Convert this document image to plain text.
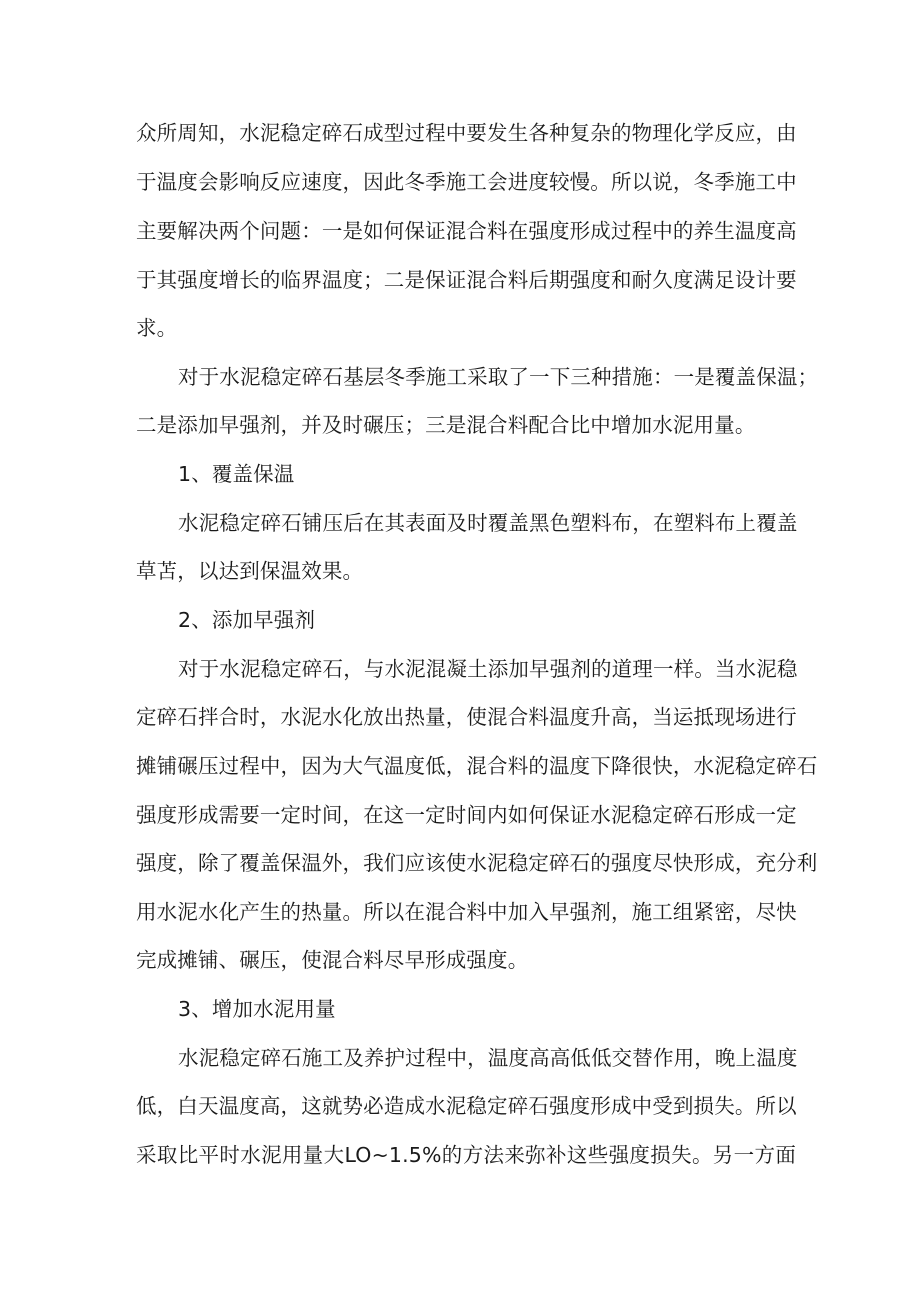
众所周知，水泥稳定碎石成型过程中要发生各种复杂的物理化学反应，由
于温度会影响反应速度，因此冬季施工会进度较慢。所以说，冬季施工中
主要解决两个问题：一是如何保证混合料在强度形成过程中的养生温度高
于其强度增长的临界温度；二是保证混合料后期强度和耐久度满足设计要
求。
对于水泥稳定碎石基层冬季施工采取了一下三种措施：一是覆盖保温；
二是添加早强剂，并及时碾压；三是混合料配合比中增加水泥用量。
1、覆盖保温
水泥稳定碎石铺压后在其表面及时覆盖黑色塑料布，在塑料布上覆盖
草苫，以达到保温效果。
2、添加早强剂
对于水泥稳定碎石，与水泥混凝土添加早强剂的道理一样。当水泥稳
定碎石拌合时，水泥水化放出热量，使混合料温度升高，当运抵现场进行
摊铺碾压过程中，因为大气温度低，混合料的温度下降很快，水泥稳定碎石
强度形成需要一定时间，在这一定时间内如何保证水泥稳定碎石形成一定
强度，除了覆盖保温外，我们应该使水泥稳定碎石的强度尽快形成，充分利
用水泥水化产生的热量。所以在混合料中加入早强剂，施工组紧密，尽快
完成摊铺、碾压，使混合料尽早形成强度。
3、增加水泥用量
水泥稳定碎石施工及养护过程中，温度高高低低交替作用，晚上温度
低，白天温度高，这就势必造成水泥稳定碎石强度形成中受到损失。所以
采取比平时水泥用量大LO~1.5%的方法来弥补这些强度损失。另一方面
